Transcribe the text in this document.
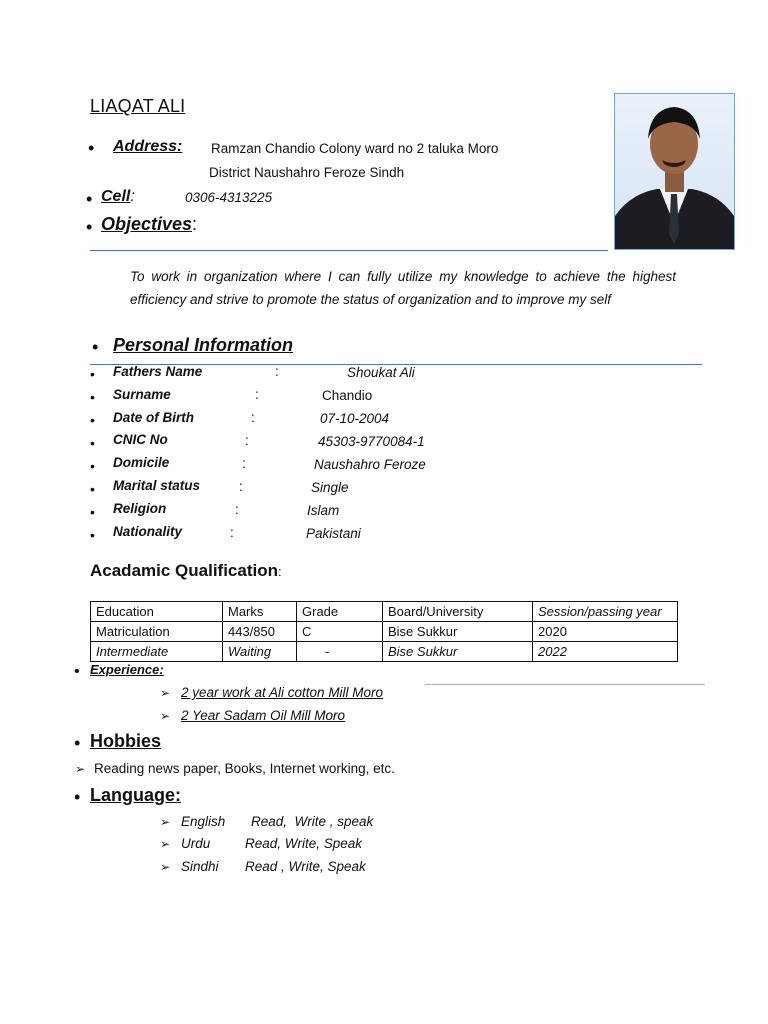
LIAQAT ALI
• Address: Ramzan Chandio Colony ward no 2 taluka Moro
District Naushahro Feroze Sindh
• Cell:	0306-4313225
• Objectives:
To work in organization where I can fully utilize my knowledge to achieve the highest efficiency and strive to promote the status of organization and to improve my self
• Personal Information
• Fathers Name	:	Shoukat Ali
• Surname	:	Chandio
• Date of Birth	:	07-10-2004
• CNIC No	:	45303-9770084-1
• Domicile	:	Naushahro Feroze
• Marital status	:	Single
• Religion	:	Islam
• Nationality	:	Pakistani
Acadamic Qualification:
Education	Marks	Grade	Board/University	Session/passing year
Matriculation	443/850	C	Bise Sukkur	2020
Intermediate	Waiting	-	Bise Sukkur	2022
• Experience:
➢ 2 year work at Ali cotton Mill Moro
➢ 2 Year Sadam Oil Mill Moro
• Hobbies
➢ Reading news paper, Books, Internet working, etc.
• Language:
➢ English Read,  Write , speak
➢ Urdu	Read, Write, Speak
➢ Sindhi Read , Write, Speak
